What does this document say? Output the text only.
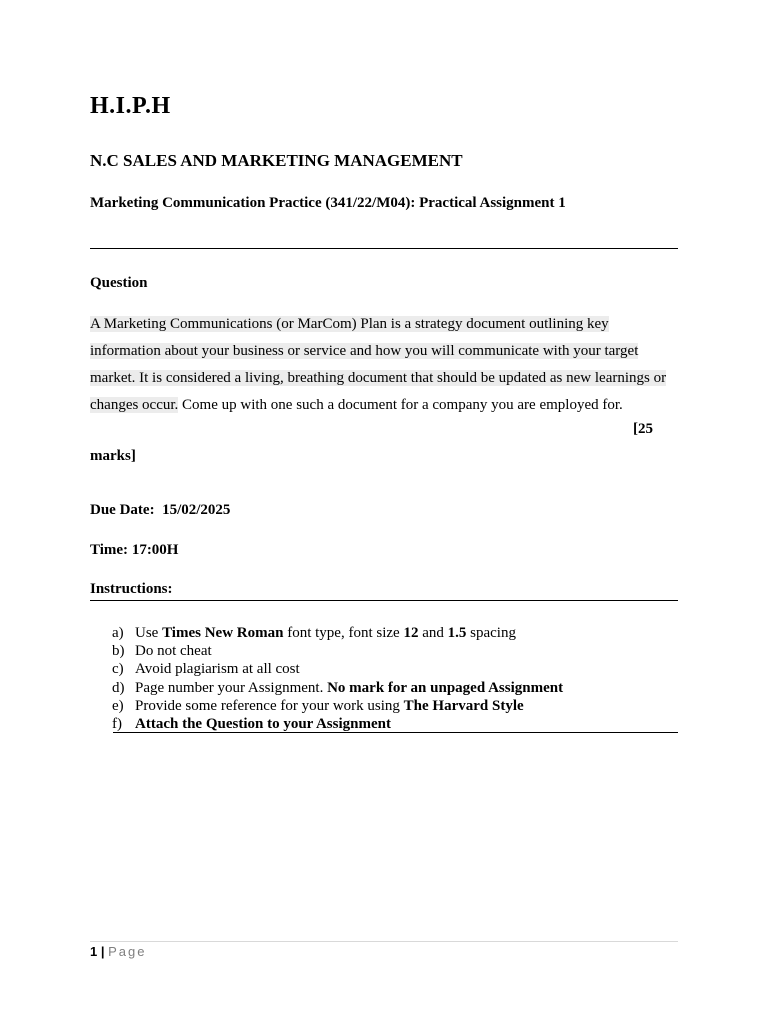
H.I.P.H
N.C SALES AND MARKETING MANAGEMENT
Marketing Communication Practice (341/22/M04): Practical Assignment 1
Question
A Marketing Communications (or MarCom) Plan is a strategy document outlining key information about your business or service and how you will communicate with your target market. It is considered a living, breathing document that should be updated as new learnings or changes occur. Come up with one such a document for a company you are employed for.
[25
marks]
Due Date: 15/02/2025
Time: 17:00H
Instructions:
a) Use Times New Roman font type, font size 12 and 1.5 spacing
b) Do not cheat
c) Avoid plagiarism at all cost
d) Page number your Assignment. No mark for an unpaged Assignment
e) Provide some reference for your work using The Harvard Style
f) Attach the Question to your Assignment
1 | Page
